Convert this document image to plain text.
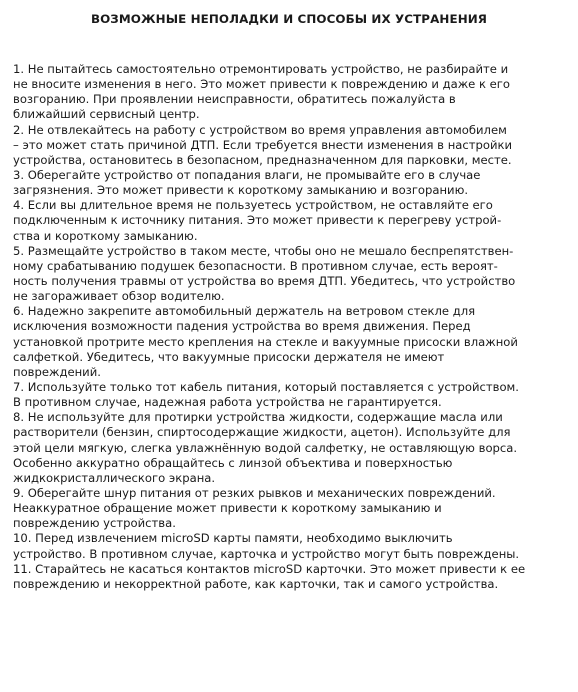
ВОЗМОЖНЫЕ НЕПОЛАДКИ И СПОСОБЫ ИХ УСТРАНЕНИЯ
1. Не пытайтесь самостоятельно отремонтировать устройство, не разбирайте и
не вносите изменения в него. Это может привести к повреждению и даже к его
возгоранию. При проявлении неисправности, обратитесь пожалуйста в
ближайший сервисный центр.
2. Не отвлекайтесь на работу с устройством во время управления автомобилем
– это может стать причиной ДТП. Если требуется внести изменения в настройки
устройства, остановитесь в безопасном, предназначенном для парковки, месте.
3. Оберегайте устройство от попадания влаги, не промывайте его в случае
загрязнения. Это может привести к короткому замыканию и возгоранию.
4. Если вы длительное время не пользуетесь устройством, не оставляйте его
подключенным к источнику питания. Это может привести к перегреву устрой-
ства и короткому замыканию.
5. Размещайте устройство в таком месте, чтобы оно не мешало беспрепятствен-
ному срабатыванию подушек безопасности. В противном случае, есть вероят-
ность получения травмы от устройства во время ДТП. Убедитесь, что устройство
не загораживает обзор водителю.
6. Надежно закрепите автомобильный держатель на ветровом стекле для
исключения возможности падения устройства во время движения. Перед
установкой протрите место крепления на стекле и вакуумные присоски влажной
салфеткой. Убедитесь, что вакуумные присоски держателя не имеют
повреждений.
7. Используйте только тот кабель питания, который поставляется с устройством.
В противном случае, надежная работа устройства не гарантируется.
8. Не используйте для протирки устройства жидкости, содержащие масла или
растворители (бензин, спиртосодержащие жидкости, ацетон). Используйте для
этой цели мягкую, слегка увлажнённую водой салфетку, не оставляющую ворса.
Особенно аккуратно обращайтесь с линзой объектива и поверхностью
жидкокристаллического экрана.
9. Оберегайте шнур питания от резких рывков и механических повреждений.
Неаккуратное обращение может привести к короткому замыканию и
повреждению устройства.
10. Перед извлечением microSD карты памяти, необходимо выключить
устройство. В противном случае, карточка и устройство могут быть повреждены.
11. Старайтесь не касаться контактов microSD карточки. Это может привести к ее
повреждению и некорректной работе, как карточки, так и самого устройства.
